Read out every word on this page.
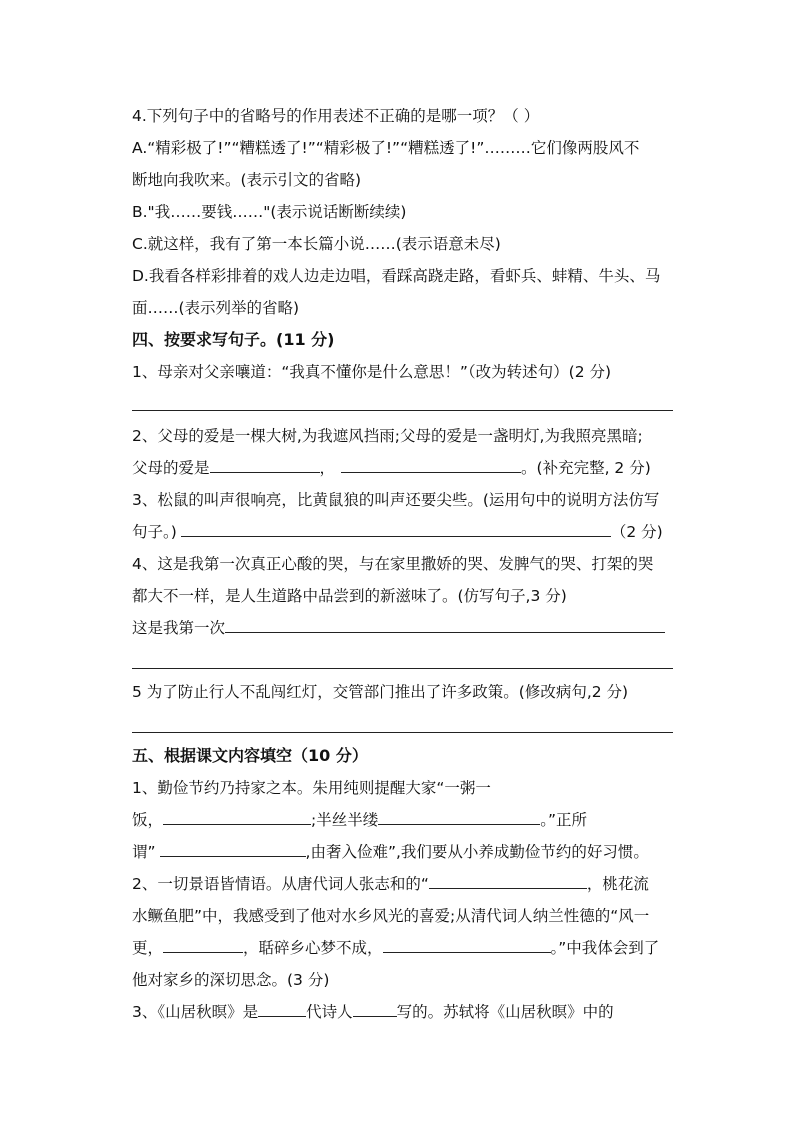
4.下列句子中的省略号的作用表述不正确的是哪一项？（ ）
A.“精彩极了!”“糟糕透了!”“精彩极了!”“糟糕透了!”………它们像两股风不
断地向我吹来。(表示引文的省略)
B."我……要钱……"(表示说话断断续续)
C.就这样，我有了第一本长篇小说……(表示语意未尽)
D.我看各样彩排着的戏人边走边唱，看踩高跷走路，看虾兵、蚌精、牛头、马
面……(表示列举的省略)
四、按要求写句子。(11 分)
1、母亲对父亲嚷道：“我真不懂你是什么意思！”（改为转述句）(2 分)
2、父母的爱是一棵大树,为我遮风挡雨;父母的爱是一盏明灯,为我照亮黑暗;
父母的爱是	，	。(补充完整, 2 分)
3、松鼠的叫声很响亮，比黄鼠狼的叫声还要尖些。(运用句中的说明方法仿写
句子。)	（2 分)
4、这是我第一次真正心酸的哭，与在家里撒娇的哭、发脾气的哭、打架的哭
都大不一样，是人生道路中品尝到的新滋味了。(仿写句子,3 分)
这是我第一次
5 为了防止行人不乱闯红灯，交管部门推出了许多政策。(修改病句,2 分)
五、根据课文内容填空（10 分）
1、勤俭节约乃持家之本。朱用纯则提醒大家“一粥一
饭，	;半丝半缕	。”正所
谓”	,由奢入俭难”,我们要从小养成勤俭节约的好习惯。
2、一切景语皆情语。从唐代词人张志和的“	，桃花流
水鳜鱼肥”中，我感受到了他对水乡风光的喜爱;从清代词人纳兰性德的“风一
更，	，聒碎乡心梦不成，	。”中我体会到了
他对家乡的深切思念。(3 分)
3、《山居秋暝》是	代诗人	写的。苏轼将《山居秋暝》中的
